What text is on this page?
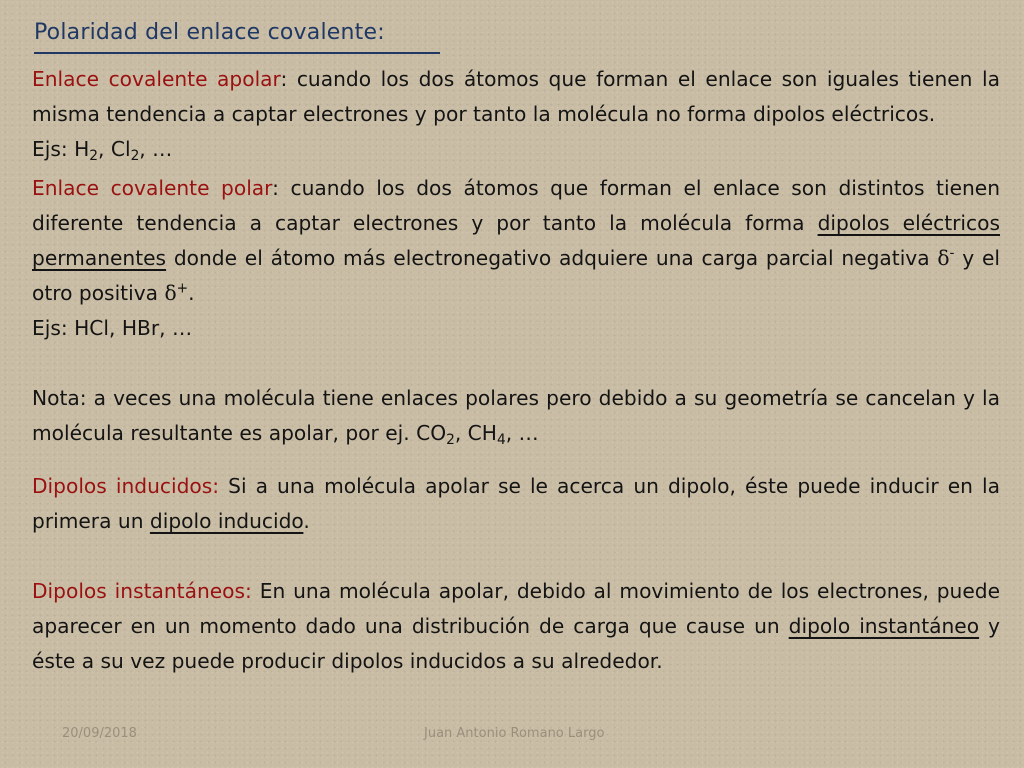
Polaridad del enlace covalente:

Enlace covalente apolar: cuando los dos átomos que forman el enlace son iguales tienen la misma tendencia a captar electrones y por tanto la molécula no forma dipolos eléctricos.

Ejs: $H_2$, $Cl_2$, …

Enlace covalente polar: cuando los dos átomos que forman el enlace son distintos tienen diferente tendencia a captar electrones y por tanto la molécula forma dipolos eléctricos permanentes donde el átomo más electronegativo adquiere una carga parcial negativa δ- y el otro positiva δ+.

Ejs: HCl, HBr, …

Nota: a veces una molécula tiene enlaces polares pero debido a su geometría se cancelan y la molécula resultante es apolar, por ej. $CO_2$, $CH_4$, …

Dipolos inducidos: Si a una molécula apolar se le acerca un dipolo, éste puede inducir en la primera un dipolo inducido.

Dipolos instantáneos: En una molécula apolar, debido al movimiento de los electrones, puede aparecer en un momento dado una distribución de carga que cause un dipolo instantáneo y éste a su vez puede producir dipolos inducidos a su alrededor.

20/09/2018	Juan Antonio Romano Largo
